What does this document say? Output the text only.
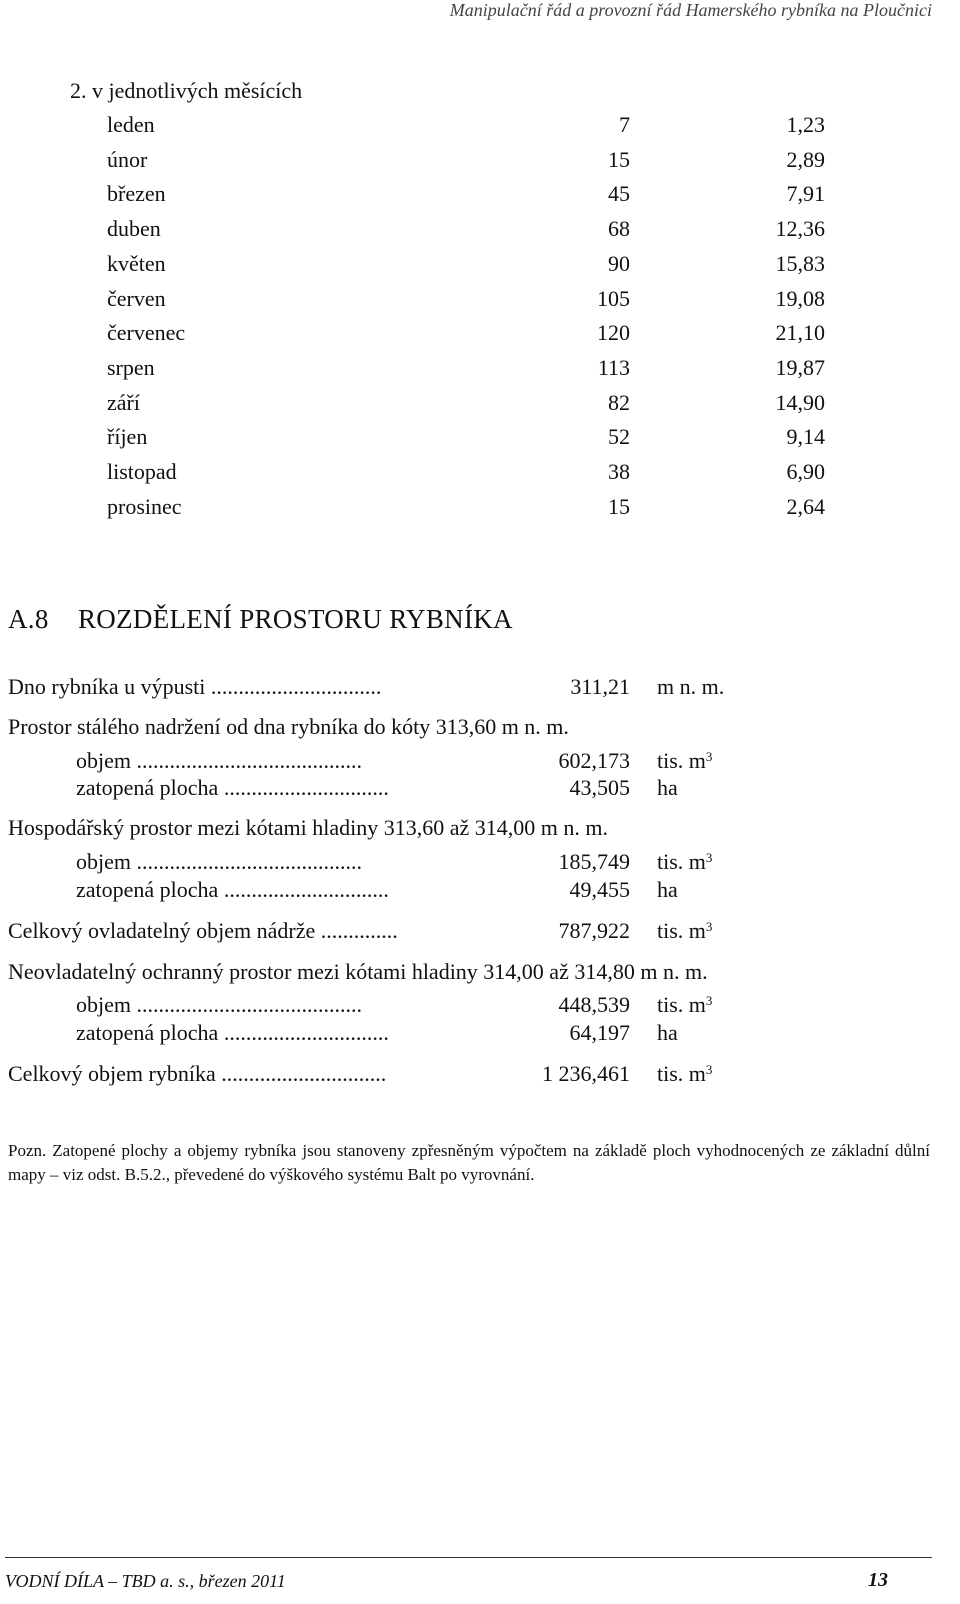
Manipulační řád a provozní řád Hamerského rybníka na Ploučnici
2. v jednotlivých měsících
leden	7	1,23
únor	15	2,89
březen	45	7,91
duben	68	12,36
květen	90	15,83
červen	105	19,08
červenec	120	21,10
srpen	113	19,87
září	82	14,90
říjen	52	9,14
listopad	38	6,90
prosinec	15	2,64
A.8 ROZDĚLENÍ PROSTORU RYBNÍKA
Dno rybníka u výpusti ...............................	311,21 m n. m.
Prostor stálého nadržení od dna rybníka do kóty 313,60 m n. m.
objem .........................................	602,173 tis. $m^3$
zatopená plocha ..............................	43,505 ha
Hospodářský prostor mezi kótami hladiny 313,60 až 314,00 m n. m.
objem .........................................	185,749 tis. $m^3$
zatopená plocha ..............................	49,455 ha
Celkový ovladatelný objem nádrže ..............	787,922 tis. $m^3$
Neovladatelný ochranný prostor mezi kótami hladiny 314,00 až 314,80 m n. m.
objem .........................................	448,539 tis. $m^3$
zatopená plocha ..............................	64,197 ha
Celkový objem rybníka ..............................	1 236,461 tis. $m^3$
Pozn. Zatopené plochy a objemy rybníka jsou stanoveny zpřesněným výpočtem na základě ploch vyhodnocených ze základní důlní mapy – viz odst. B.5.2., převedené do výškového systému Balt po vyrovnání.
VODNÍ DÍLA – TBD a. s., březen 2011	13
